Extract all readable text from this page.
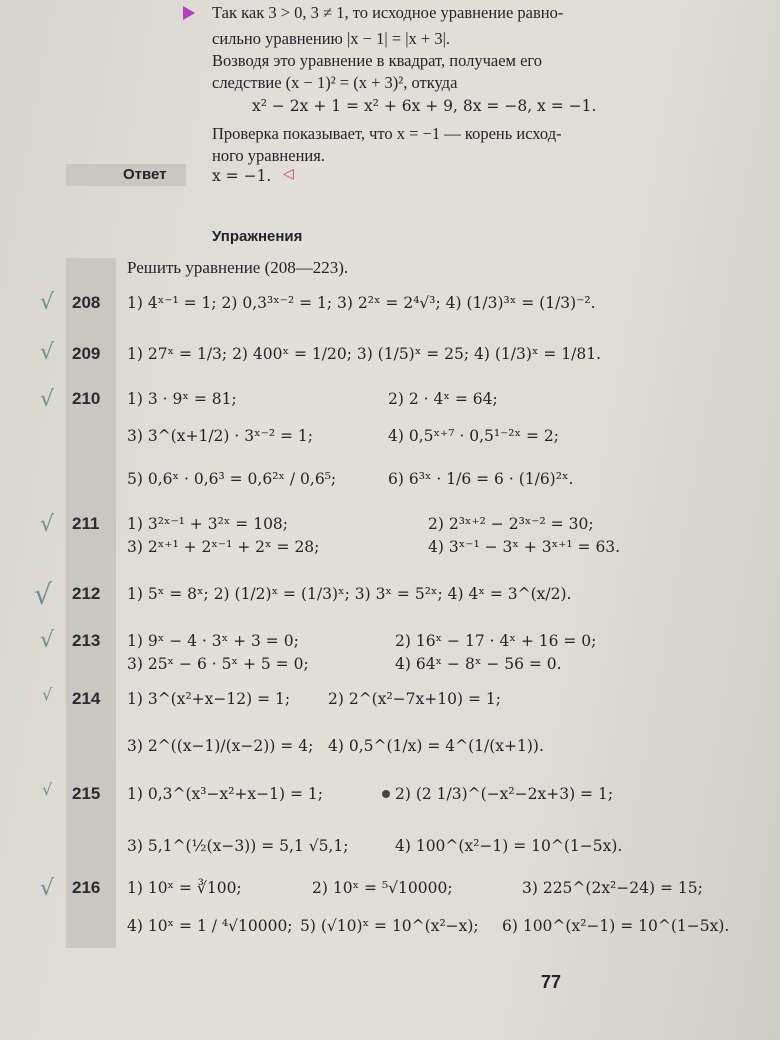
Так как 3 > 0, 3 ≠ 1, то исходное уравнение равно-
сильно уравнению |x − 1| = |x + 3|.
Возводя это уравнение в квадрат, получаем его
следствие (x − 1)² = (x + 3)², откуда
x² − 2x + 1 = x² + 6x + 9, 8x = −8, x = −1.
Проверка показывает, что x = −1 — корень исход-
ного уравнения.
Ответ	x = −1. ◁
Упражнения
Решить уравнение (208—223).
√ 208 1) 4ˣ⁻¹ = 1; 2) 0,3³ˣ⁻² = 1; 3) 2²ˣ = 2⁴√³; 4) (1/3)³ˣ = (1/3)⁻².
√ 209 1) 27ˣ = 1/3; 2) 400ˣ = 1/20; 3) (1/5)ˣ = 25; 4) (1/3)ˣ = 1/81.
√ 210 1) 3 · 9ˣ = 81;	2) 2 · 4ˣ = 64;
3) 3^(x+1/2) · 3ˣ⁻² = 1;	4) 0,5ˣ⁺⁷ · 0,5¹⁻²ˣ = 2;
5) 0,6ˣ · 0,6³ = 0,6²ˣ / 0,6⁵;	6) 6³ˣ · 1/6 = 6 · (1/6)²ˣ.
√ 211 1) 3²ˣ⁻¹ + 3²ˣ = 108;	2) 2³ˣ⁺² − 2³ˣ⁻² = 30;
3) 2ˣ⁺¹ + 2ˣ⁻¹ + 2ˣ = 28;	4) 3ˣ⁻¹ − 3ˣ + 3ˣ⁺¹ = 63.
√ 212 1) 5ˣ = 8ˣ; 2) (1/2)ˣ = (1/3)ˣ; 3) 3ˣ = 5²ˣ; 4) 4ˣ = 3^(x/2).
√ 213 1) 9ˣ − 4 · 3ˣ + 3 = 0;	2) 16ˣ − 17 · 4ˣ + 16 = 0;
3) 25ˣ − 6 · 5ˣ + 5 = 0;	4) 64ˣ − 8ˣ − 56 = 0.
√ 214 1) 3^(x²+x−12) = 1; 2) 2^(x²−7x+10) = 1;
3) 2^((x−1)/(x−2)) = 4; 4) 0,5^(1/x) = 4^(1/(x+1)).
√ 215 1) 0,3^(x³−x²+x−1) = 1;	2) (2 1/3)^(−x²−2x+3) = 1;
3) 5,1^(½(x−3)) = 5,1 √5,1;	4) 100^(x²−1) = 10^(1−5x).
√ 216 1) 10ˣ = ∛100;	2) 10ˣ = ⁵√10000;	3) 225^(2x²−24) = 15;
4) 10ˣ = 1 / ⁴√10000; 5) (√10)ˣ = 10^(x²−x); 6) 100^(x²−1) = 10^(1−5x).
77
